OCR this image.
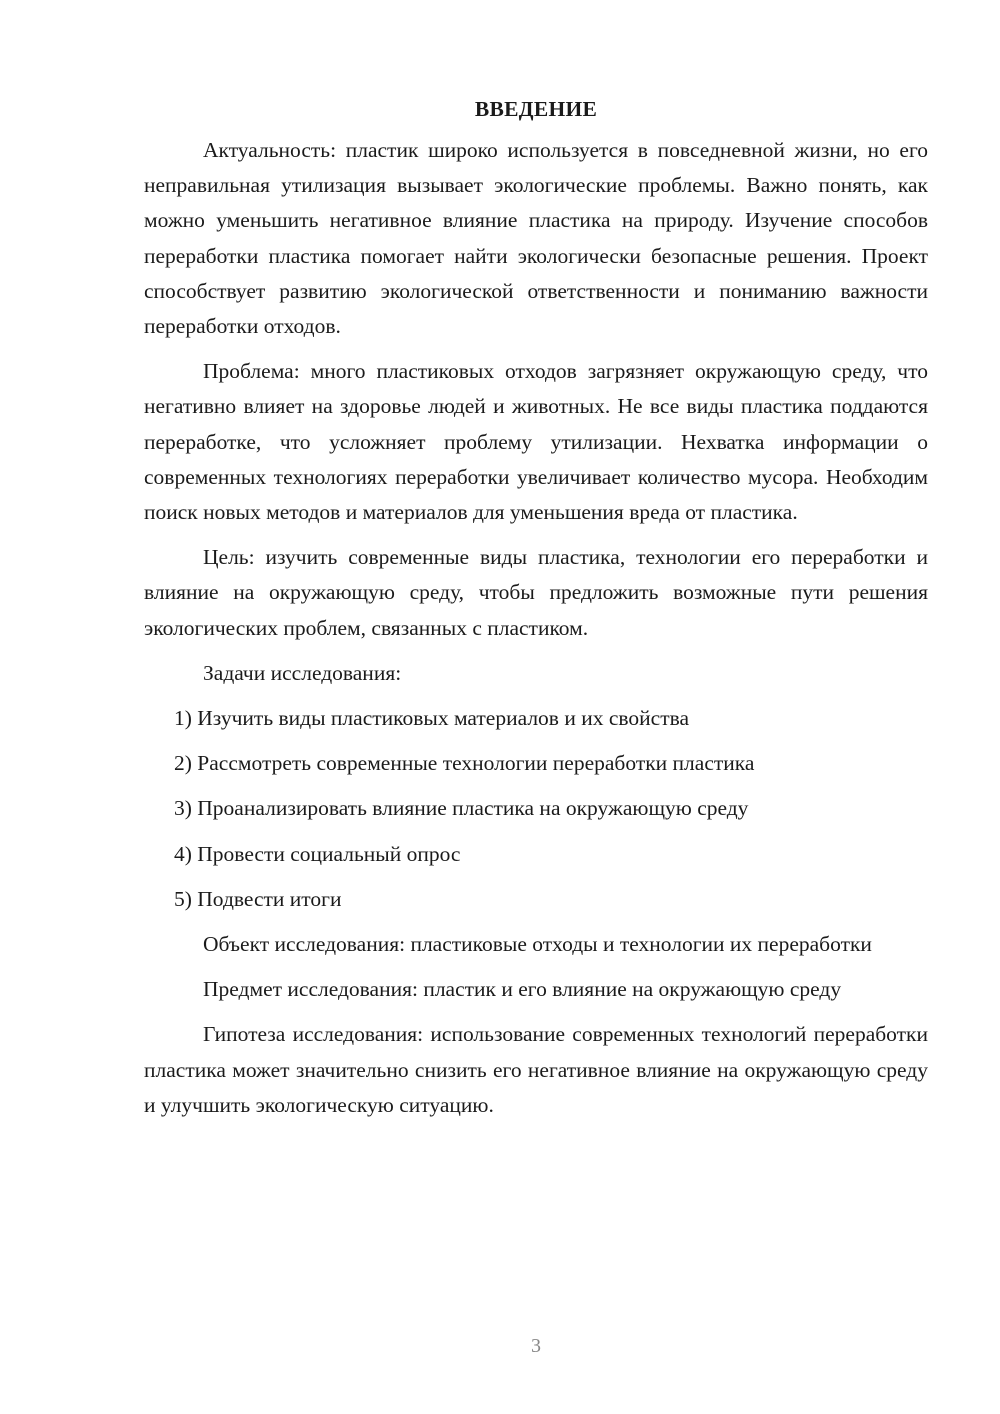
ВВЕДЕНИЕ

Актуальность: пластик широко используется в повседневной жизни, но его неправильная утилизация вызывает экологические проблемы. Важно понять, как можно уменьшить негативное влияние пластика на природу. Изучение способов переработки пластика помогает найти экологически безопасные решения. Проект способствует развитию экологической ответственности и пониманию важности переработки отходов.

Проблема: много пластиковых отходов загрязняет окружающую среду, что негативно влияет на здоровье людей и животных. Не все виды пластика поддаются переработке, что усложняет проблему утилизации. Нехватка информации о современных технологиях переработки увеличивает количество мусора. Необходим поиск новых методов и материалов для уменьшения вреда от пластика.

Цель: изучить современные виды пластика, технологии его переработки и влияние на окружающую среду, чтобы предложить возможные пути решения экологических проблем, связанных с пластиком.

Задачи исследования:

1) Изучить виды пластиковых материалов и их свойства
2) Рассмотреть современные технологии переработки пластика
3) Проанализировать влияние пластика на окружающую среду
4) Провести социальный опрос
5) Подвести итоги

Объект исследования: пластиковые отходы и технологии их переработки

Предмет исследования: пластик и его влияние на окружающую среду

Гипотеза исследования: использование современных технологий переработки пластика может значительно снизить его негативное влияние на окружающую среду и улучшить экологическую ситуацию.

3
